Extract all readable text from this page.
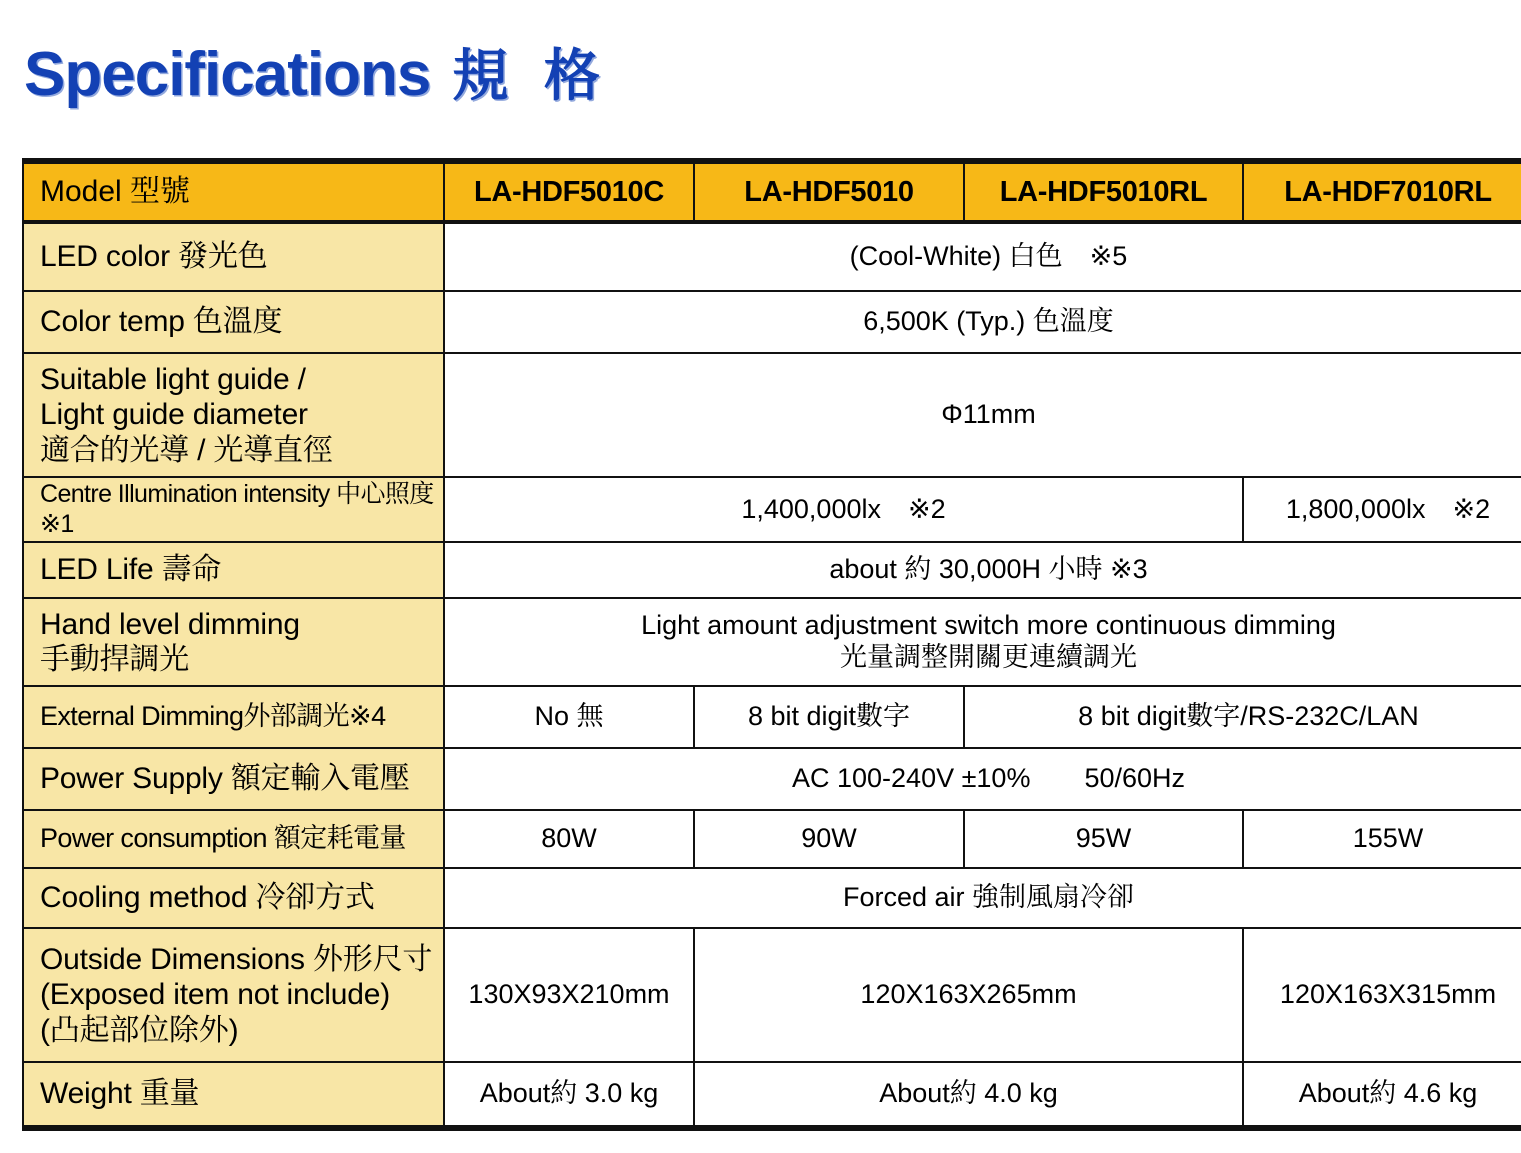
Specifications 規 格
Model 型號	LA-HDF5010C	LA-HDF5010	LA-HDF5010RL	LA-HDF7010RL
LED color 發光色	(Cool-White) 白色　※5			
Color temp 色溫度	6,500K (Typ.) 色溫度			

Suitable light guide /
Light guide diameter
適合的光導 / 光導直徑	Φ11mm			
Centre Illumination intensity 中心照度 ※1	1,400,000lx　※2			1,800,000lx　※2
LED Life 壽命	about 約 30,000H 小時 ※3			

Hand level dimming
手動捍調光	Light amount adjustment switch more continuous dimming
光量調整開關更連續調光			

External Dimming外部調光※4	No 無	8 bit digit數字	8 bit digit數字/RS-232C/LAN	
Power Supply 額定輸入電壓	AC 100-240V ±10%　　50/60Hz			
Power consumption 額定耗電量	80W	90W	95W	155W
Cooling method 冷卻方式	Forced air 強制風扇冷卻			

Outside Dimensions 外形尺寸
(Exposed item not include)
(凸起部位除外)	130X93X210mm	120X163X265mm		120X163X315mm
Weight 重量	About約 3.0 kg	About約 4.0 kg		About約 4.6 kg
